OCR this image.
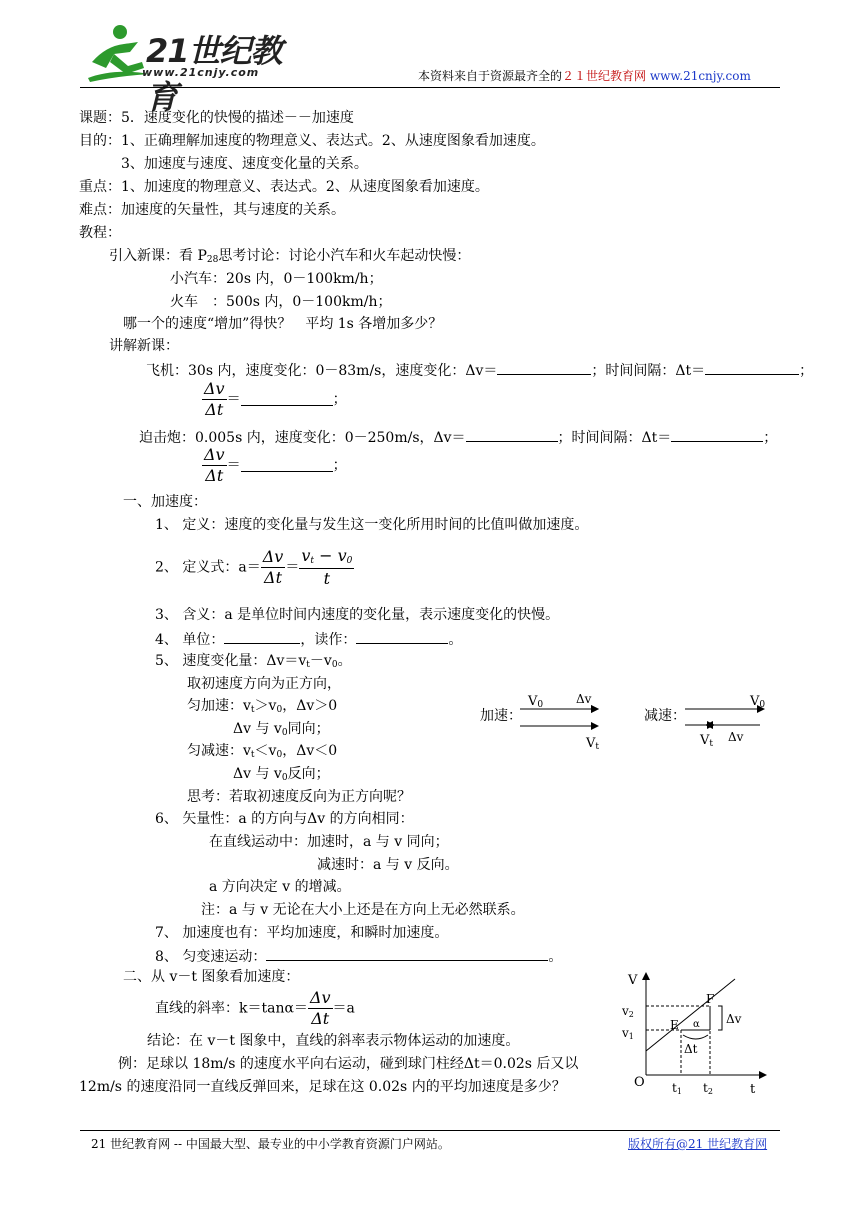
21世纪教育
www.21cnjy.com	本资料来自于资源最齐全的２１世纪教育网 www.21cnjy.com
课题：5．速度变化的快慢的描述－－加速度
目的：1、正确理解加速度的物理意义、表达式。2、从速度图象看加速度。
3、加速度与速度、速度变化量的关系。
重点：1、加速度的物理意义、表达式。2、从速度图象看加速度。
难点：加速度的矢量性，其与速度的关系。
教程：
引入新课：看 $P_{28}$思考讨论：讨论小汽车和火车起动快慢：
小汽车：20s 内，0－100km/h；
火车　：500s 内，0－100km/h；
哪一个的速度“增加”得快？　平均 1s 各增加多少？
讲解新课：
飞机：30s 内，速度变化：0－83m/s，速度变化：Δv＝	；时间间隔：Δt＝	；
$\frac{\Delta v}{\Delta t}$ ＝	；
迫击炮：0.005s 内，速度变化：0－250m/s，Δv＝	；时间间隔：Δt＝	；
$\frac{\Delta v}{\Delta t}$ ＝	；
一、加速度：
1、 定义：速度的变化量与发生这一变化所用时间的比值叫做加速度。
2、 定义式：$a= \frac{\Delta v}{\Delta t} = \frac{v_t - v_0}{t}$
3、 含义：a 是单位时间内速度的变化量，表示速度变化的快慢。
4、 单位：	，读作：	。
5、 速度变化量：$\Delta v=v_t-v_0$。
取初速度方向为正方向，
匀加速：$v_t>v_0$，Δv＞0
Δv 与 $v_0$同向；
匀减速：$v_t<v_0$，Δv＜0
Δv 与 $v_0$反向；
思考：若取初速度反向为正方向呢？
6、 矢量性：a 的方向与Δv 的方向相同：
在直线运动中：加速时，a 与 v 同向；
减速时：a 与 v 反向。
a 方向决定 v 的增减。
注：a 与 v 无论在大小上还是在方向上无必然联系。
7、 加速度也有：平均加速度，和瞬时加速度。
8、 匀变速运动：	。
二、从 v－t 图象看加速度：
直线的斜率：$k=\tan\alpha= \frac{\Delta v}{\Delta t} =a$
结论：在 v－t 图象中，直线的斜率表示物体运动的加速度。
例：足球以 18m/s 的速度水平向右运动，碰到球门柱经Δt＝0.02s 后又以
12m/s 的速度沿同一直线反弹回来，足球在这 0.02s 内的平均加速度是多少？
加速：
V0	Δv
Vt
减速：
V0
Vt Δv
V
t
O
v2
v1
t1 t2
E
F
α Δv
Δt
21 世纪教育网 -- 中国最大型、最专业的中小学教育资源门户网站。	版权所有@21 世纪教育网
